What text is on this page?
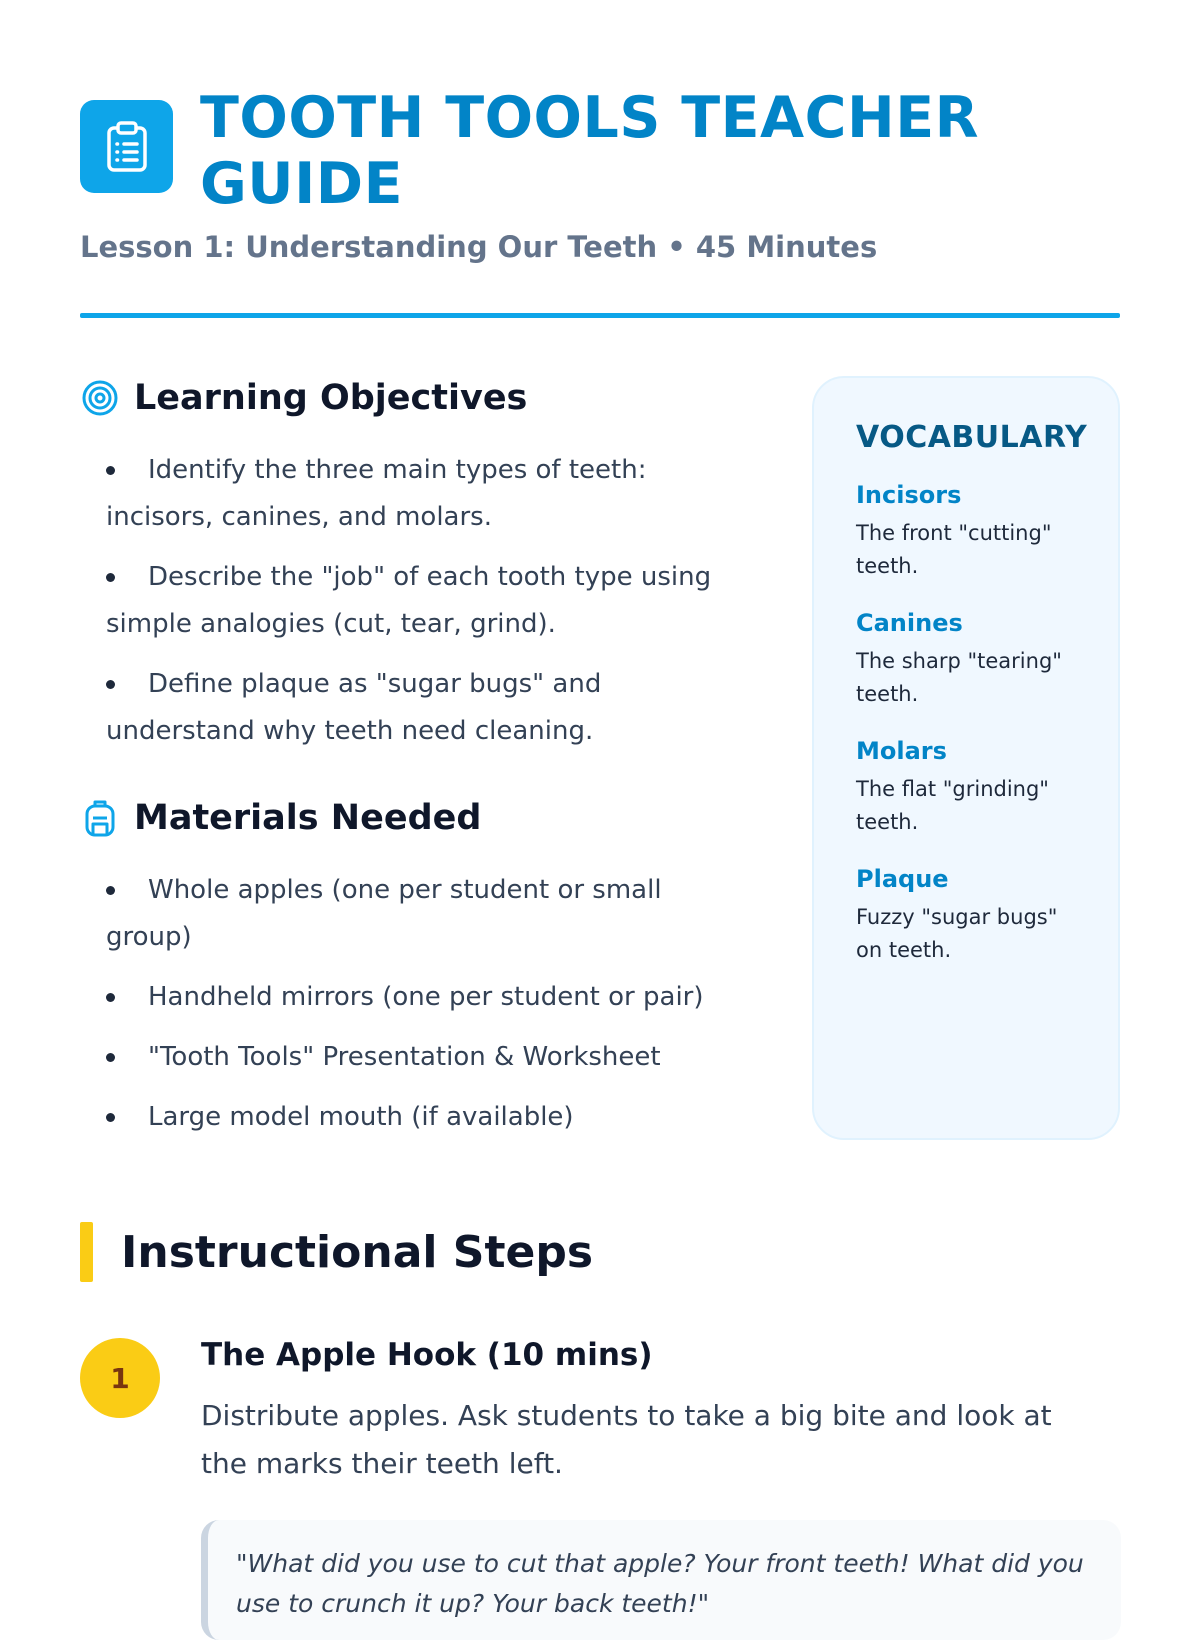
TOOTH TOOLS TEACHER GUIDE

Lesson 1: Understanding Our Teeth • 45 Minutes

Learning Objectives
Identify the three main types of teeth: incisors, canines, and molars.
Describe the "job" of each tooth type using simple analogies (cut, tear, grind).
Define plaque as "sugar bugs" and understand why teeth need cleaning.
Materials Needed
Whole apples (one per student or small group)
Handheld mirrors (one per student or pair)
"Tooth Tools" Presentation & Worksheet
Large model mouth (if available)
VOCABULARY

Incisors

The front "cutting" teeth.

Canines

The sharp "tearing" teeth.

Molars

The flat "grinding" teeth.

Plaque

Fuzzy "sugar bugs" on teeth.

Instructional Steps
1
The Apple Hook (10 mins)

Distribute apples. Ask students to take a big bite and look at the marks their teeth left.

"What did you use to cut that apple? Your front teeth! What did you use to crunch it up? Your back teeth!"
